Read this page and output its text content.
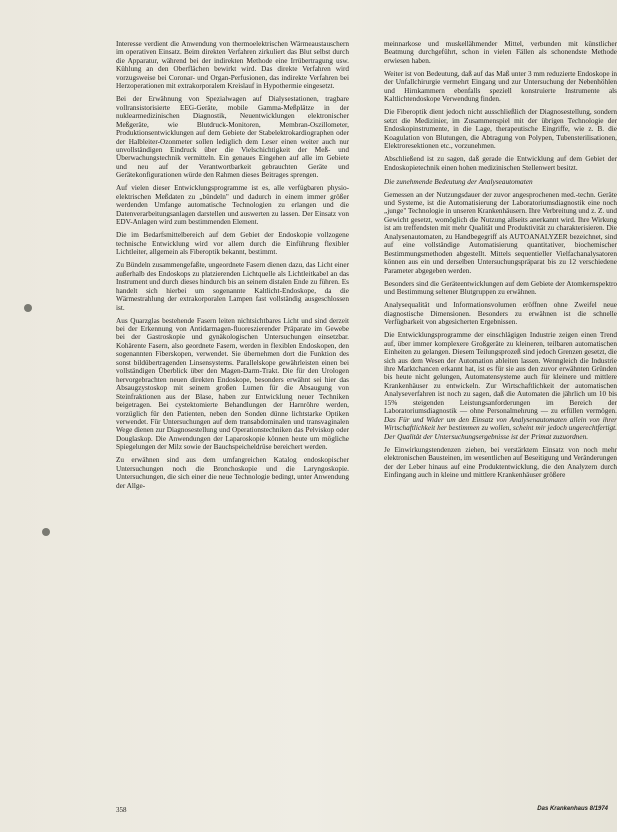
Interesse verdient die Anwendung von thermoelektrischen Wärmeaustauschern im operativen Einsatz. Beim direkten Verfahren zirkuliert das Blut selbst durch die Apparatur, während bei der indirekten Methode eine Irrübertragung usw. Kühlung an den Oberflächen bewirkt wird. Das direkte Verfahren wird vorzugsweise bei Coronar- und Organ-Perfusionen, das indirekte Verfahren bei Herzoperationen mit extrakorporalem Kreislauf in Hypothermie eingesetzt.

Bei der Erwähnung von Spezialwagen auf Dialysestationen, tragbare vollransistorisierte EEG-Geräte, mobile Gamma-Meßplätze in der nuklearmedizinischen Diagnostik, Neuentwicklungen elektronischer Meßgeräte, wie Blutdruck-Monitoren, Membran-Oszillometer, Produktionsentwicklungen auf dem Gebiete der Stabelektrokardiographen oder der Halbleiter-Ozonmeter sollen lediglich dem Leser einen weiter auch nur unvollständigen Eindruck über die Vielschichtigkeit der Meß- und Überwachungstechnik vermitteln. Ein genaues Eingehen auf alle im Gebiete und neu auf der Verantwortbarkeit gebrauchten Geräte und Gerätekonfigurationen würde den Rahmen dieses Beitrages sprengen.

Auf vielen dieser Entwicklungsprogramme ist es, alle verfügbaren physio-elektrischen Meßdaten zu „bündeln" und dadurch in einem immer größer werdenden Umfange automatische Technologien zu erlangen und die Datenverarbeitungsanlagen darstellen und auswerten zu lassen. Der Einsatz von EDV-Anlagen wird zum bestimmenden Element.

Die im Bedarfsmittelbereich auf dem Gebiet der Endoskopie vollzogene technische Entwicklung wird vor allem durch die Einführung flexibler Lichtleiter, allgemein als Fiberoptik bekannt, bestimmt.

Zu Bündeln zusammengefaßte, ungeordnete Fasern dienen dazu, das Licht einer außerhalb des Endoskops zu platzierenden Lichtquelle als Lichtleitkabel an das Instrument und durch dieses hindurch bis an seinem distalen Ende zu führen. Es handelt sich hierbei um sogenannte Kaltlicht-Endoskope, da die Wärmestrahlung der extrakorporalen Lampen fast vollständig ausgeschlossen ist.

Aus Quarzglas bestehende Fasern leiten nichtsichtbares Licht und sind derzeit bei der Erkennung von Antidarmagen-fluoreszierender Präparate im Gewebe bei der Gastroskopie und gynäkologischen Untersuchungen einsetzbar. Kohärente Fasern, also geordnete Fasern, werden in flexiblen Endoskopen, den sogenannten Fiberskopen, verwendet. Sie übernehmen dort die Funktion des sonst bildübertragenden Linsensystems. Parallelskope gewährleisten einen bei vollständigen Überblick über den Magen-Darm-Trakt. Die für den Urologen hervorgebrachten neuen direkten Endoskope, besonders erwähnt sei hier das Absaugzystoskop mit seinem großen Lumen für die Absaugung von Steinfraktionen aus der Blase, haben zur Entwicklung neuer Techniken beigetragen. Bei cystektomierte Behandlungen der Harnröhre werden, vorzüglich für den Patienten, neben den Sonden dünne lichtstarke Optiken verwendet. Für Untersuchungen auf dem transabdominalen und transvaginalen Wege dienen zur Diagnosestellung und Operationstechniken das Pelviskop oder Douglaskop. Die Anwendungen der Laparoskopie können heute um mögliche Spiegelungen der Milz sowie der Bauchspeicheldrüse bereichert werden.

Zu erwähnen sind aus dem umfangreichen Katalog endoskopischer Untersuchungen noch die Bronchoskopie und die Laryngoskopie. Untersuchungen, die sich einer die neue Technologie bedingt, unter Anwendung der Allge-

meinnarkose und muskellähmender Mittel, verbunden mit künstlicher Beatmung durchgeführt, schon in vielen Fällen als schonendste Methode erwiesen haben.

Weiter ist von Bedeutung, daß auf das Maß unter 3 mm reduzierte Endoskope in der Unfallchirurgie vermehrt Eingang und zur Untersuchung der Nebenhöhlen und Hirnkammern ebenfalls speziell konstruierte Instrumente als Kaltlichtendoskope Verwendung finden.

Die Fiberoptik dient jedoch nicht ausschließlich der Diagnosestellung, sondern setzt die Medizinier, im Zusammenspiel mit der übrigen Technologie der Endoskopinstrumente, in die Lage, therapeutische Eingriffe, wie z. B. die Koagulation von Blutungen, die Abtragung von Polypen, Tubensterilisationen, Elektroresektionen etc., vorzunehmen.

Abschließend ist zu sagen, daß gerade die Entwicklung auf dem Gebiet der Endoskopietechnik einen hohen medizinischen Stellenwert besitzt.

Die zunehmende Bedeutung der Analyseautomaten

Gemessen an der Nutzungsdauer der zuvor angesprochenen med.-techn. Geräte und Systeme, ist die Automatisierung der Laboratoriumsdiagnostik eine noch „junge" Technologie in unseren Krankenhäusern. Ihre Verbreitung und z. Z. und Gewicht gesetzt, womöglich die Nutzung allseits anerkannt wird. Ihre Wirkung ist am treffendsten mit mehr Qualität und Produktivität zu charakterisieren. Die Analysenautomaten, zu Handbegegriff als AUTOANALYZER bezeichnet, sind auf eine vollständige Automatisierung quantitativer, biochemischer Bestimmungsmethoden abgestellt. Mittels sequentieller Vielfachanalysatoren können aus ein und derselben Untersuchungspräparat bis zu 12 verschiedene Parameter abgegeben werden.

Besonders sind die Geräteentwicklungen auf dem Gebiete der Atomkernspektro und Bestimmung seltener Blutgruppen zu erwähnen.

Analysequalität und Informationsvolumen eröffnen ohne Zweifel neue diagnostische Dimensionen. Besonders zu erwähnen ist die schnelle Verfügbarkeit von abgesicherten Ergebnissen.

Die Entwicklungsprogramme der einschlägigen Industrie zeigen einen Trend auf, über immer komplexere Großgeräte zu kleineren, teilbaren automatischen Einheiten zu gelangen. Diesem Teilungsprozeß sind jedoch Grenzen gesetzt, die sich aus dem Wesen der Automation ableiten lassen. Wenngleich die Industrie ihre Marktchancen erkannt hat, ist es für sie aus den zuvor erwähnten Gründen bis heute nicht gelungen, Automatensysteme auch für kleinere und mittlere Krankenhäuser zu entwickeln. Zur Wirtschaftlichkeit der automatischen Analyseverfahren ist noch zu sagen, daß die Automaten die jährlich um 10 bis 15% steigenden Leistungsanforderungen im Bereich der Laboratoriumsdiagnostik — ohne Personalmehrung — zu erfüllen vermögen. Das Für und Wider um den Einsatz von Analysenautomaten allein von ihrer Wirtschaftlichkeit her bestimmen zu wollen, scheint mir jedoch ungerechtfertigt. Der Qualität der Untersuchungsergebnisse ist der Primat zuzuordnen.

Je Einwirkungstendenzen ziehen, bei verstärktem Einsatz von noch mehr elektronischen Bausteinen, im wesentlichen auf Beseitigung und Veränderungen der der Leber hinaus auf eine Produktentwicklung, die den Analyzern durch Einfingang auch in kleine und mittlere Krankenhäuser größere

358	Das Krankenhaus 8/1974
